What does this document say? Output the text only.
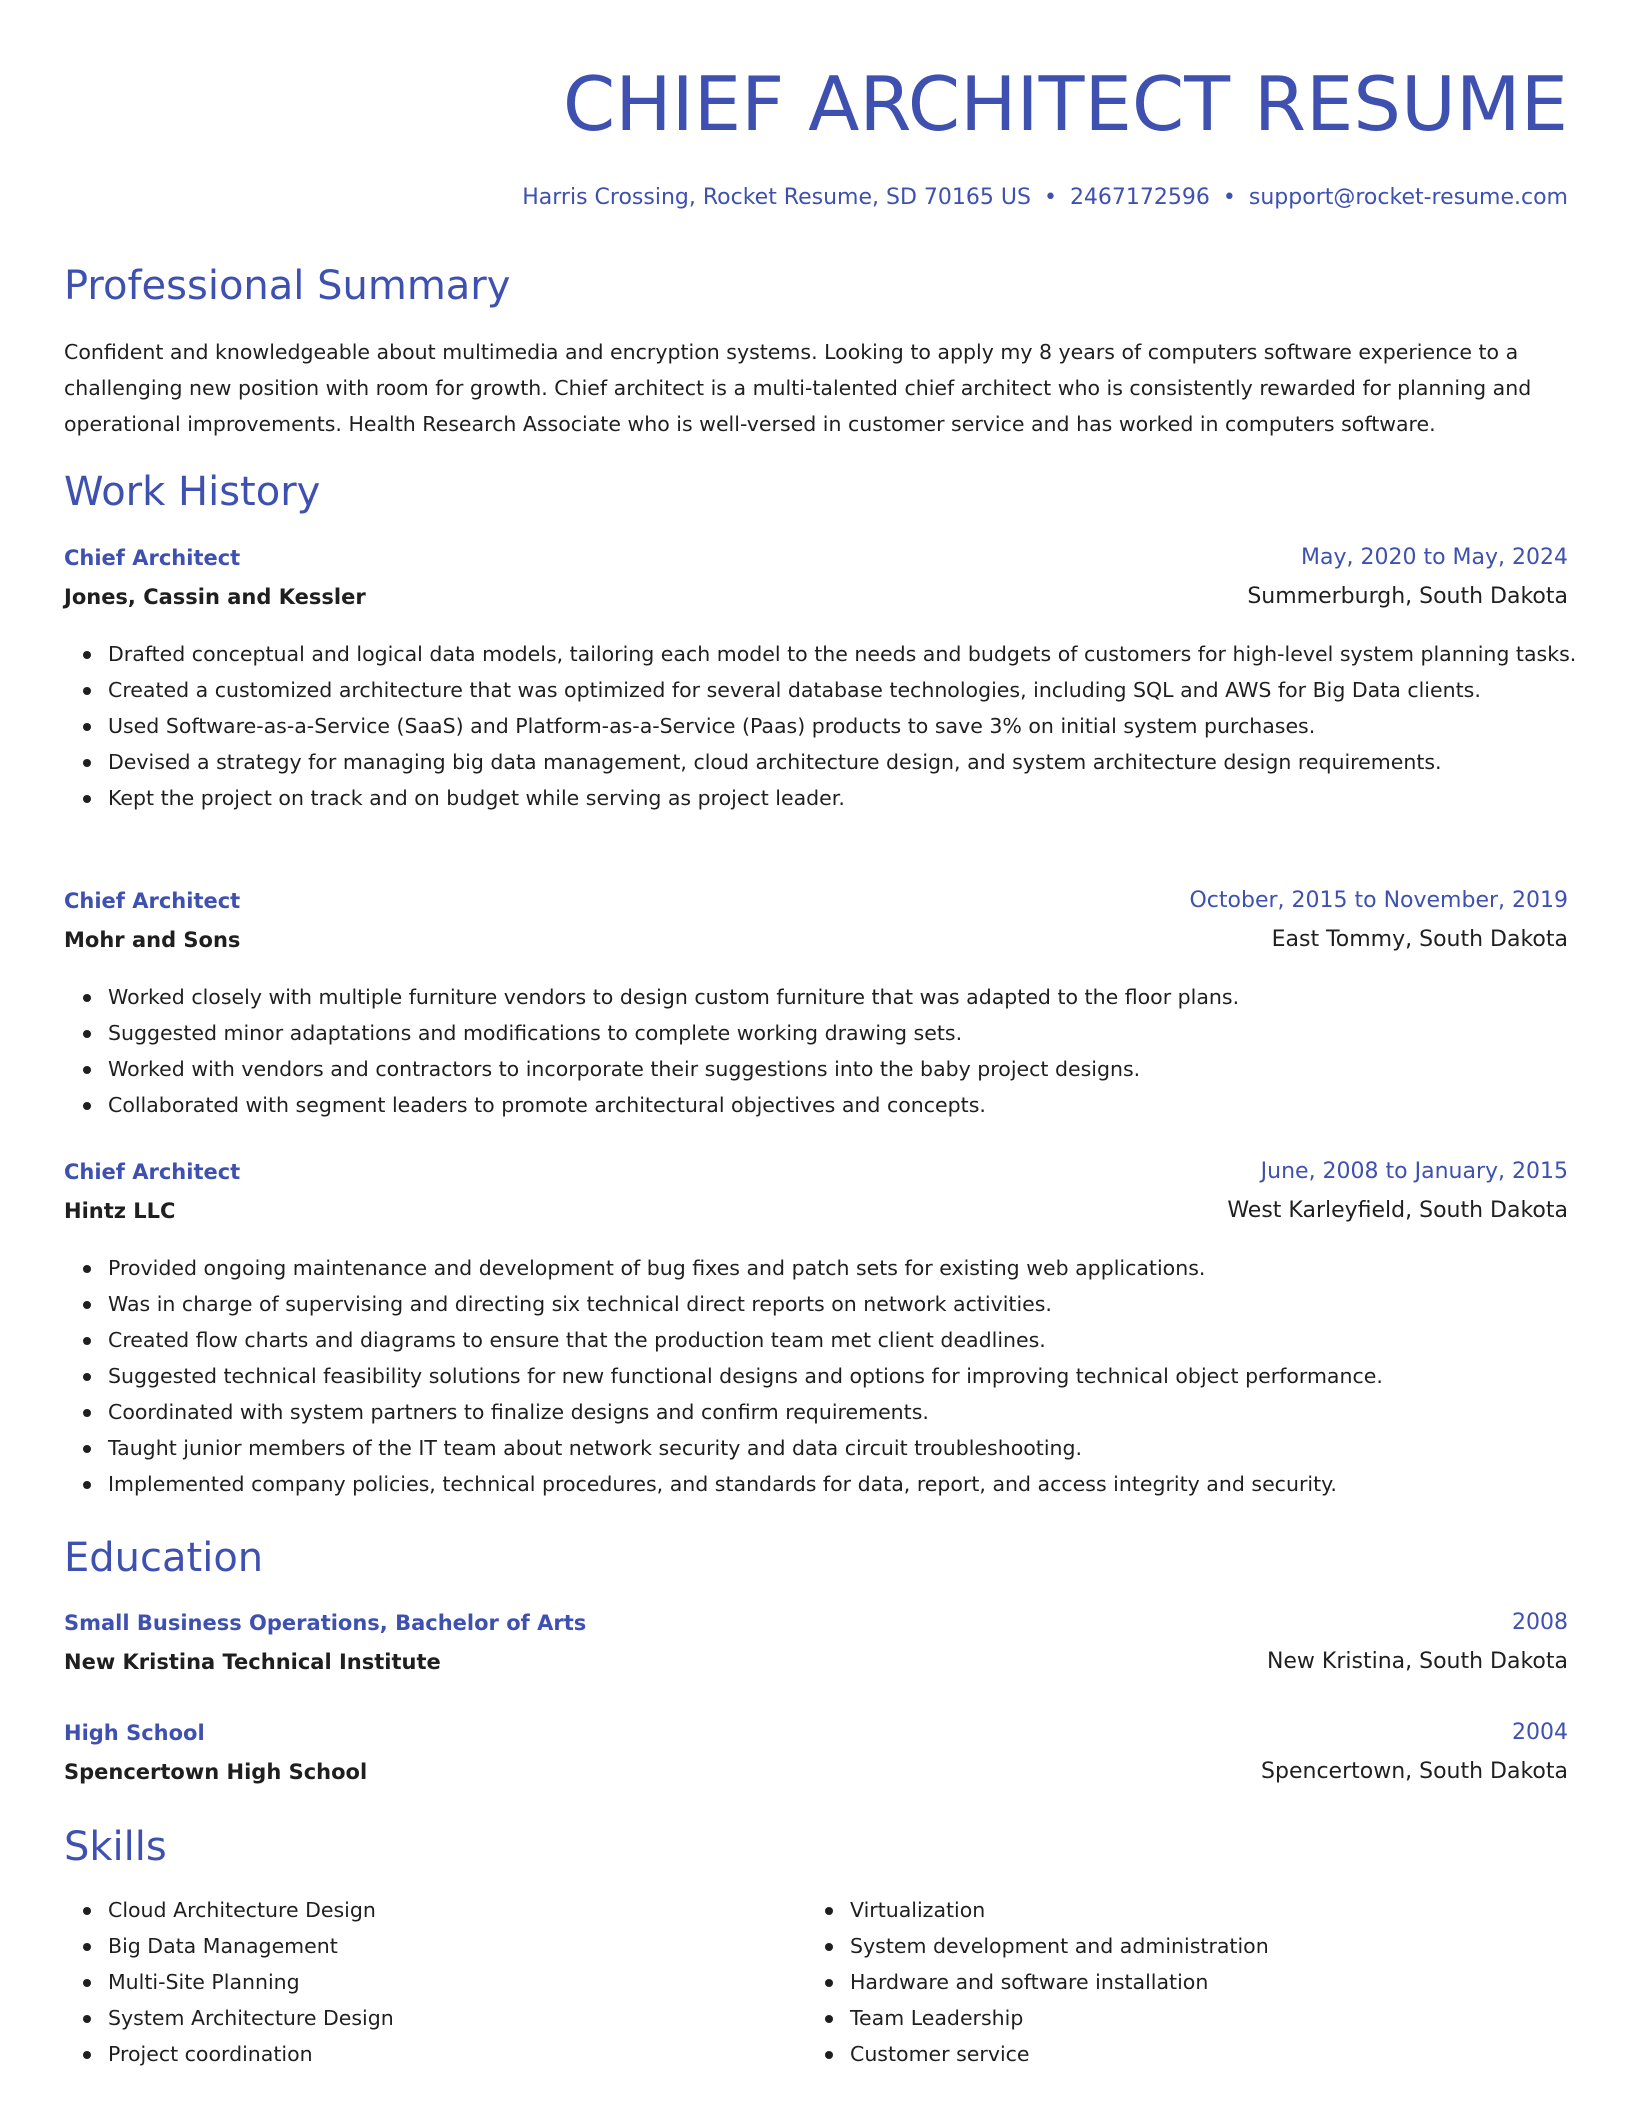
CHIEF ARCHITECT RESUME
Harris Crossing, Rocket Resume, SD 70165 US • 2467172596 • support@rocket-resume.com
Professional Summary

Confident and knowledgeable about multimedia and encryption systems. Looking to apply my 8 years of computers software experience to a challenging new position with room for growth. Chief architect is a multi-talented chief architect who is consistently rewarded for planning and operational improvements. Health Research Associate who is well-versed in customer service and has worked in computers software.

Work History
Chief Architect	May, 2020 to May, 2024
Jones, Cassin and Kessler	Summerburgh, South Dakota
Drafted conceptual and logical data models, tailoring each model to the needs and budgets of customers for high-level system planning tasks.
Created a customized architecture that was optimized for several database technologies, including SQL and AWS for Big Data clients.
Used Software-as-a-Service (SaaS) and Platform-as-a-Service (Paas) products to save 3% on initial system purchases.
Devised a strategy for managing big data management, cloud architecture design, and system architecture design requirements.
Kept the project on track and on budget while serving as project leader.
Chief Architect	October, 2015 to November, 2019
Mohr and Sons	East Tommy, South Dakota
Worked closely with multiple furniture vendors to design custom furniture that was adapted to the floor plans.
Suggested minor adaptations and modifications to complete working drawing sets.
Worked with vendors and contractors to incorporate their suggestions into the baby project designs.
Collaborated with segment leaders to promote architectural objectives and concepts.
Chief Architect	June, 2008 to January, 2015
Hintz LLC	West Karleyfield, South Dakota
Provided ongoing maintenance and development of bug fixes and patch sets for existing web applications.
Was in charge of supervising and directing six technical direct reports on network activities.
Created flow charts and diagrams to ensure that the production team met client deadlines.
Suggested technical feasibility solutions for new functional designs and options for improving technical object performance.
Coordinated with system partners to finalize designs and confirm requirements.
Taught junior members of the IT team about network security and data circuit troubleshooting.
Implemented company policies, technical procedures, and standards for data, report, and access integrity and security.
Education
Small Business Operations, Bachelor of Arts	2008
New Kristina Technical Institute	New Kristina, South Dakota
High School	2004
Spencertown High School	Spencertown, South Dakota
Skills
Cloud Architecture Design
Big Data Management
Multi-Site Planning
System Architecture Design
Project coordination
Virtualization
System development and administration
Hardware and software installation
Team Leadership
Customer service
